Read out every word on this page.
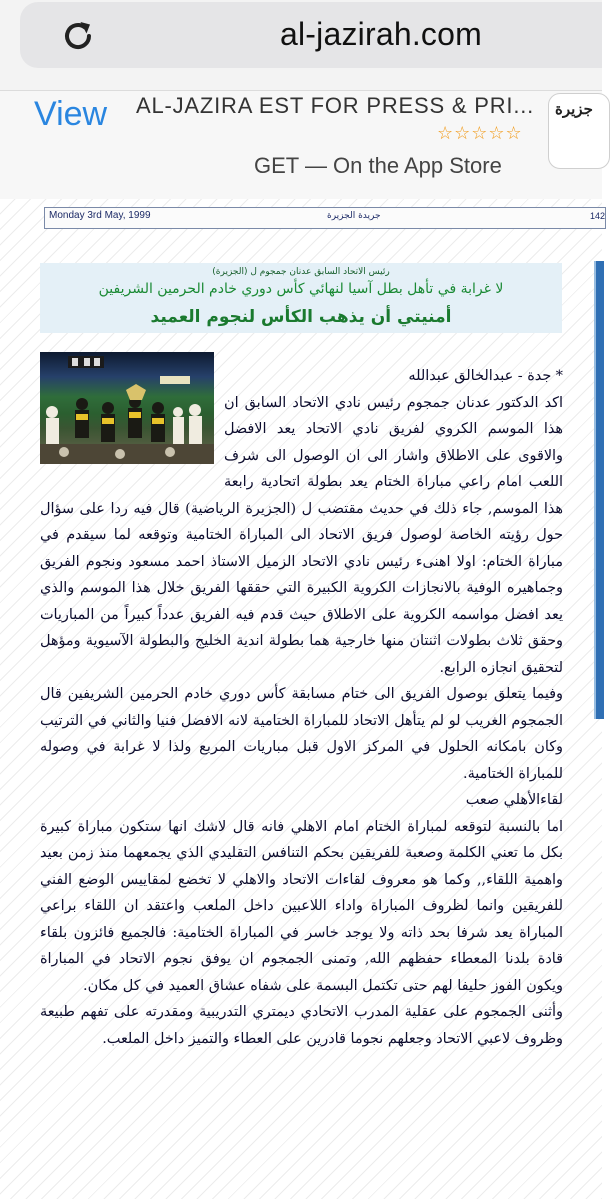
al-jazirah.com
View AL-JAZIRA EST FOR PRESS & PRI...
☆☆☆☆☆
GET — On the App Store
جزيرة
Monday 3rd May, 1999	جريدة الجزيرة	142
رئيس الاتحاد السابق عدنان جمجوم ل (الجزيرة)
لا غرابة في تأهل بطل آسيا لنهائي كأس دوري خادم الحرمين الشريفين
أمنيتي أن يذهب الكأس لنجوم العميد

* جدة - عبدالخالق عبدالله

اكد الدكتور عدنان جمجوم رئيس نادي الاتحاد السابق ان هذا الموسم الكروي لفريق نادي الاتحاد يعد الافضل والاقوى على الاطلاق واشار الى ان الوصول الى شرف اللعب امام راعي مباراة الختام يعد بطولة اتحادية رابعة هذا الموسم, جاء ذلك في حديث مقتضب ل (الجزيرة الرياضية) قال فيه ردا على سؤال حول رؤيته الخاصة لوصول فريق الاتحاد الى المباراة الختامية وتوقعه لما سيقدم في مباراة الختام: اولا اهنىء رئيس نادي الاتحاد الزميل الاستاذ احمد مسعود ونجوم الفريق وجماهيره الوفية بالانجازات الكروية الكبيرة التي حققها الفريق خلال هذا الموسم والذي يعد افضل مواسمه الكروية على الاطلاق حيث قدم فيه الفريق عدداً كبيراً من المباريات وحقق ثلاث بطولات اثنتان منها خارجية هما بطولة اندية الخليج والبطولة الآسيوية ومؤهل لتحقيق انجازه الرابع.

وفيما يتعلق بوصول الفريق الى ختام مسابقة كأس دوري خادم الحرمين الشريفين قال الجمجوم الغريب لو لم يتأهل الاتحاد للمباراة الختامية لانه الافضل فنيا والثاني في الترتيب وكان بامكانه الحلول في المركز الاول قبل مباريات المربع ولذا لا غرابة في وصوله للمباراة الختامية.

لقاءالأهلي صعب

اما بالنسبة لتوقعه لمباراة الختام امام الاهلي فانه قال لاشك انها ستكون مباراة كبيرة بكل ما تعني الكلمة وصعبة للفريقين بحكم التنافس التقليدي الذي يجمعهما منذ زمن بعيد واهمية اللقاء,, وكما هو معروف لقاءات الاتحاد والاهلي لا تخضع لمقاييس الوضع الفني للفريقين وانما لظروف المباراة واداء اللاعبين داخل الملعب واعتقد ان اللقاء براعي المباراة يعد شرفا بحد ذاته ولا يوجد خاسر في المباراة الختامية: فالجميع فائزون بلقاء قادة بلدنا المعطاء حفظهم الله, وتمنى الجمجوم ان يوفق نجوم الاتحاد في المباراة ويكون الفوز حليفا لهم حتى تكتمل البسمة على شفاه عشاق العميد في كل مكان.

وأثنى الجمجوم على عقلية المدرب الاتحادي ديمتري التدريبية ومقدرته على تفهم طبيعة وظروف لاعبي الاتحاد وجعلهم نجوما قادرين على العطاء والتميز داخل الملعب.
